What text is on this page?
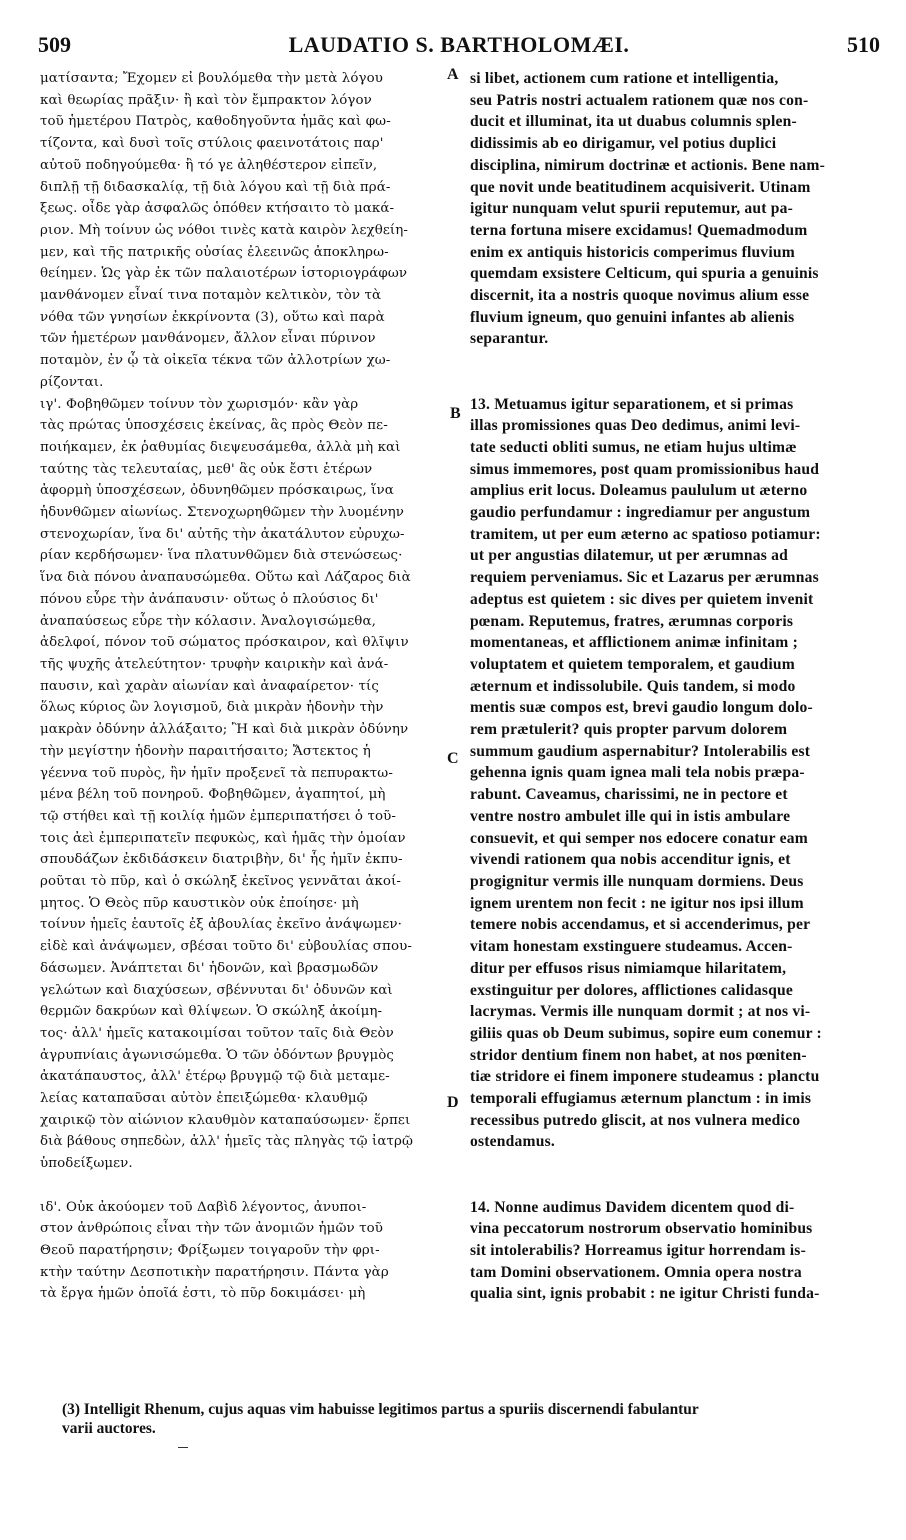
509	LAUDATIO S. BARTHOLOMÆI.	510

ματίσαντα; Ἔχομεν εἰ βουλόμεθα τὴν μετὰ λόγου

καὶ θεωρίας πρᾶξιν· ἢ καὶ τὸν ἔμπρακτον λόγον

τοῦ ἡμετέρου Πατρὸς, καθοδηγοῦντα ἡμᾶς καὶ φω-

τίζοντα, καὶ δυσὶ τοῖς στύλοις φαεινοτάτοις παρ'

αὐτοῦ ποδηγούμεθα· ἢ τό γε ἀληθέστερον εἰπεῖν,

διπλῇ τῇ διδασκαλίᾳ, τῇ διὰ λόγου καὶ τῇ διὰ πρά-

ξεως. οἶδε γὰρ ἀσφαλῶς ὁπόθεν κτήσαιτο τὸ μακά-

ριον. Μὴ τοίνυν ὡς νόθοι τινὲς κατὰ καιρὸν λεχθείη-

μεν, καὶ τῆς πατρικῆς οὐσίας ἐλεεινῶς ἀποκληρω-

θείημεν. Ὡς γὰρ ἐκ τῶν παλαιοτέρων ἱστοριογράφων

μανθάνομεν εἶναί τινα ποταμὸν κελτικὸν, τὸν τὰ

νόθα τῶν γνησίων ἐκκρίνοντα (3), οὕτω καὶ παρὰ

τῶν ἡμετέρων μανθάνομεν, ἄλλον εἶναι πύρινον

ποταμὸν, ἐν ᾧ τὰ οἰκεῖα τέκνα τῶν ἀλλοτρίων χω-

ρίζονται.

ιγ'. Φοβηθῶμεν τοίνυν τὸν χωρισμόν· κἂν γὰρ

τὰς πρώτας ὑποσχέσεις ἐκείνας, ἃς πρὸς Θεὸν πε-

ποιήκαμεν, ἐκ ῥαθυμίας διεψευσάμεθα, ἀλλὰ μὴ καὶ

ταύτης τὰς τελευταίας, μεθ' ἃς οὐκ ἔστι ἑτέρων

ἀφορμὴ ὑποσχέσεων, ὀδυνηθῶμεν πρόσκαιρως, ἵνα

ἡδυνθῶμεν αἰωνίως. Στενοχωρηθῶμεν τὴν λυομένην

στενοχωρίαν, ἵνα δι' αὐτῆς τὴν ἀκατάλυτον εὐρυχω-

ρίαν κερδήσωμεν· ἵνα πλατυνθῶμεν διὰ στενώσεως·

ἵνα διὰ πόνου ἀναπαυσώμεθα. Οὕτω καὶ Λάζαρος διὰ

πόνου εὗρε τὴν ἀνάπαυσιν· οὕτως ὁ πλούσιος δι'

ἀναπαύσεως εὗρε τὴν κόλασιν. Ἀναλογισώμεθα,

ἀδελφοί, πόνον τοῦ σώματος πρόσκαιρον, καὶ θλῖψιν

τῆς ψυχῆς ἀτελεύτητον· τρυφὴν καιρικὴν καὶ ἀνά-

παυσιν, καὶ χαρὰν αἰωνίαν καὶ ἀναφαίρετον· τίς

ὅλως κύριος ὢν λογισμοῦ, διὰ μικρὰν ἡδονὴν τὴν

μακρὰν ὀδύνην ἀλλάξαιτο; Ἢ καὶ διὰ μικρὰν ὀδύνην

τὴν μεγίστην ἡδονὴν παραιτήσαιτο; Ἄστεκτος ἡ

γέεννα τοῦ πυρὸς, ἣν ἡμῖν προξενεῖ τὰ πεπυρακτω-

μένα βέλη τοῦ πονηροῦ. Φοβηθῶμεν, ἀγαπητοί, μὴ

τῷ στήθει καὶ τῇ κοιλίᾳ ἡμῶν ἐμπεριπατήσει ὁ τοῦ-

τοις ἀεὶ ἐμπεριπατεῖν πεφυκὼς, καὶ ἡμᾶς τὴν ὁμοίαν

σπουδάζων ἐκδιδάσκειν διατριβὴν, δι' ἧς ἡμῖν ἐκπυ-

ροῦται τὸ πῦρ, καὶ ὁ σκώληξ ἐκεῖνος γεννᾶται ἀκοί-

μητος. Ὁ Θεὸς πῦρ καυστικὸν οὐκ ἐποίησε· μὴ

τοίνυν ἡμεῖς ἑαυτοῖς ἐξ ἀβουλίας ἐκεῖνο ἀνάψωμεν·

εἰδὲ καὶ ἀνάψωμεν, σβέσαι τοῦτο δι' εὐβουλίας σπου-

δάσωμεν. Ἀνάπτεται δι' ἡδονῶν, καὶ βρασμωδῶν

γελώτων καὶ διαχύσεων, σβέννυται δι' ὀδυνῶν καὶ

θερμῶν δακρύων καὶ θλίψεων. Ὁ σκώληξ ἀκοίμη-

τος· ἀλλ' ἡμεῖς κατακοιμίσαι τοῦτον ταῖς διὰ Θεὸν

ἀγρυπνίαις ἀγωνισώμεθα. Ὁ τῶν ὀδόντων βρυγμὸς

ἀκατάπαυστος, ἀλλ' ἑτέρῳ βρυγμῷ τῷ διὰ μεταμε-

λείας καταπαῦσαι αὐτὸν ἐπειξώμεθα· κλαυθμῷ

χαιρικῷ τὸν αἰώνιον κλαυθμὸν καταπαύσωμεν· ἕρπει

διὰ βάθους σηπεδὼν, ἀλλ' ἡμεῖς τὰς πληγὰς τῷ ἰατρῷ

ὑποδείξωμεν.

ιδ'. Οὐκ ἀκούομεν τοῦ Δαβὶδ λέγοντος, ἀνυποι-

στον ἀνθρώποις εἶναι τὴν τῶν ἀνομιῶν ἡμῶν τοῦ

Θεοῦ παρατήρησιν; Φρίξωμεν τοιγαροῦν τὴν φρι-

κτὴν ταύτην Δεσποτικὴν παρατήρησιν. Πάντα γὰρ

τὰ ἔργα ἡμῶν ὁποῖά ἐστι, τὸ πῦρ δοκιμάσει· μὴ

si libet, actionem cum ratione et intelligentia,

seu Patris nostri actualem rationem quæ nos con-

ducit et illuminat, ita ut duabus columnis splen-

didissimis ab eo dirigamur, vel potius duplici

disciplina, nimirum doctrinæ et actionis. Bene nam-

que novit unde beatitudinem acquisiverit. Utinam

igitur nunquam velut spurii reputemur, aut pa-

terna fortuna misere excidamus! Quemadmodum

enim ex antiquis historicis comperimus fluvium

quemdam exsistere Celticum, qui spuria a genuinis

discernit, ita a nostris quoque novimus alium esse

fluvium igneum, quo genuini infantes ab alienis

separantur.

13. Metuamus igitur separationem, et si primas

illas promissiones quas Deo dedimus, animi levi-

tate seducti obliti sumus, ne etiam hujus ultimæ

simus immemores, post quam promissionibus haud

amplius erit locus. Doleamus paululum ut æterno

gaudio perfundamur : ingrediamur per angustum

tramitem, ut per eum æterno ac spatioso potiamur:

ut per angustias dilatemur, ut per ærumnas ad

requiem perveniamus. Sic et Lazarus per ærumnas

adeptus est quietem : sic dives per quietem invenit

pœnam. Reputemus, fratres, ærumnas corporis

momentaneas, et afflictionem animæ infinitam ;

voluptatem et quietem temporalem, et gaudium

æternum et indissolubile. Quis tandem, si modo

mentis suæ compos est, brevi gaudio longum dolo-

rem prætulerit? quis propter parvum dolorem

summum gaudium aspernabitur? Intolerabilis est

gehenna ignis quam ignea mali tela nobis præpa-

rabunt. Caveamus, charissimi, ne in pectore et

ventre nostro ambulet ille qui in istis ambulare

consuevit, et qui semper nos edocere conatur eam

vivendi rationem qua nobis accenditur ignis, et

progignitur vermis ille nunquam dormiens. Deus

ignem urentem non fecit : ne igitur nos ipsi illum

temere nobis accendamus, et si accenderimus, per

vitam honestam exstinguere studeamus. Accen-

ditur per effusos risus nimiamque hilaritatem,

exstinguitur per dolores, afflictiones calidasque

lacrymas. Vermis ille nunquam dormit ; at nos vi-

giliis quas ob Deum subimus, sopire eum conemur :

stridor dentium finem non habet, at nos pœniten-

tiæ stridore ei finem imponere studeamus : planctu

temporali effugiamus æternum planctum : in imis

recessibus putredo gliscit, at nos vulnera medico

ostendamus.

14. Nonne audimus Davidem dicentem quod di-

vina peccatorum nostrorum observatio hominibus

sit intolerabilis? Horreamus igitur horrendam is-

tam Domini observationem. Omnia opera nostra

qualia sint, ignis probabit : ne igitur Christi funda-

A
B
C
D

(3) Intelligit Rhenum, cujus aquas vim habuisse legitimos partus a spuriis discernendi fabulantur

varii auctores.
